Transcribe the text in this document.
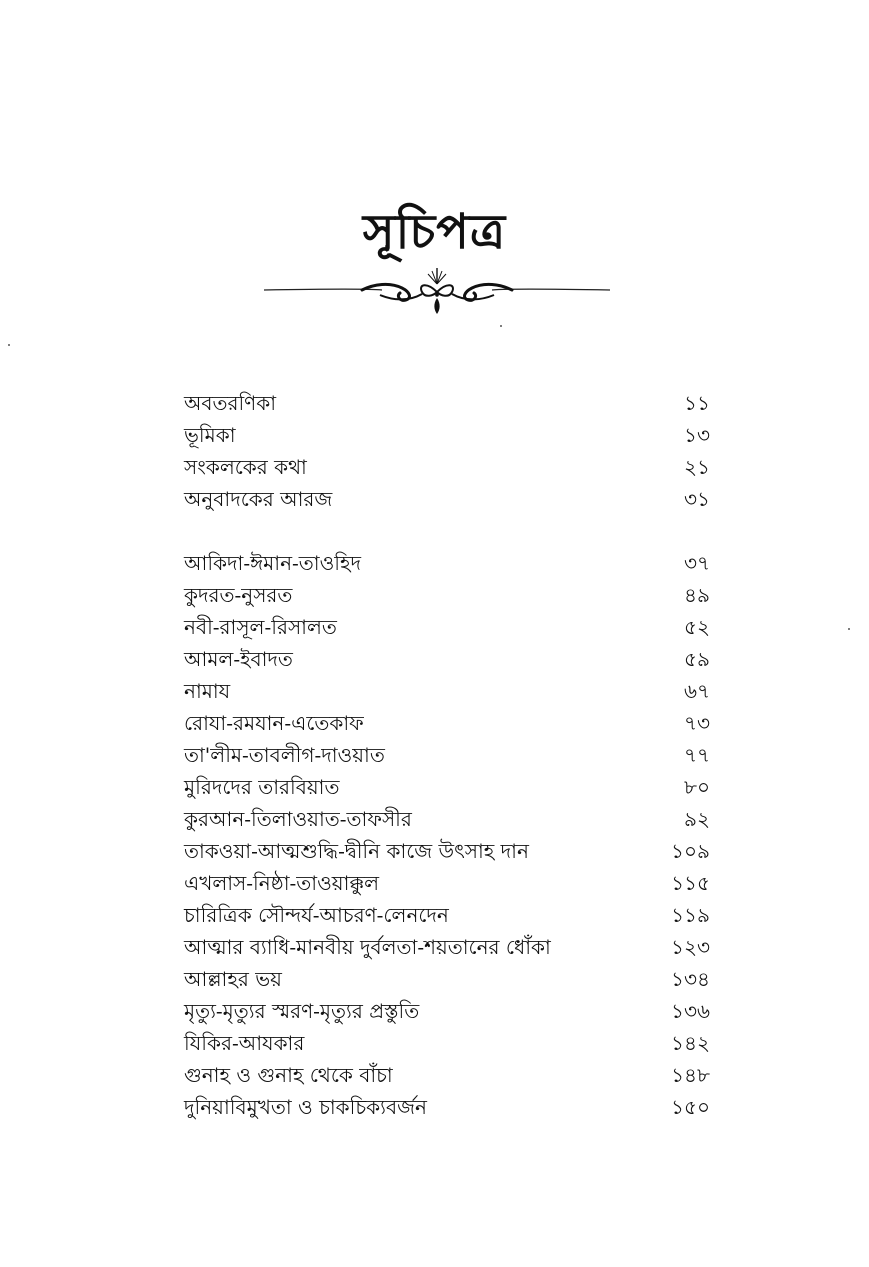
সূচিপত্র
অবতরণিকা	১১
ভূমিকা	১৩
সংকলকের কথা	২১
অনুবাদকের আরজ	৩১
আকিদা-ঈমান-তাওহিদ	৩৭
কুদরত-নুসরত	৪৯
নবী-রাসূল-রিসালত	৫২
আমল-ইবাদত	৫৯
নামায	৬৭
রোযা-রমযান-এতেকাফ	৭৩
তা'লীম-তাবলীগ-দাওয়াত	৭৭
মুরিদদের তারবিয়াত	৮০
কুরআন-তিলাওয়াত-তাফসীর	৯২
তাকওয়া-আত্মশুদ্ধি-দ্বীনি কাজে উৎসাহ দান	১০৯
এখলাস-নিষ্ঠা-তাওয়াক্কুল	১১৫
চারিত্রিক সৌন্দর্য-আচরণ-লেনদেন	১১৯
আত্মার ব্যাধি-মানবীয় দুর্বলতা-শয়তানের ধোঁকা	১২৩
আল্লাহর ভয়	১৩৪
মৃত্যু-মৃত্যুর স্মরণ-মৃত্যুর প্রস্তুতি	১৩৬
যিকির-আযকার	১৪২
গুনাহ ও গুনাহ থেকে বাঁচা	১৪৮
দুনিয়াবিমুখতা ও চাকচিক্যবর্জন	১৫০
